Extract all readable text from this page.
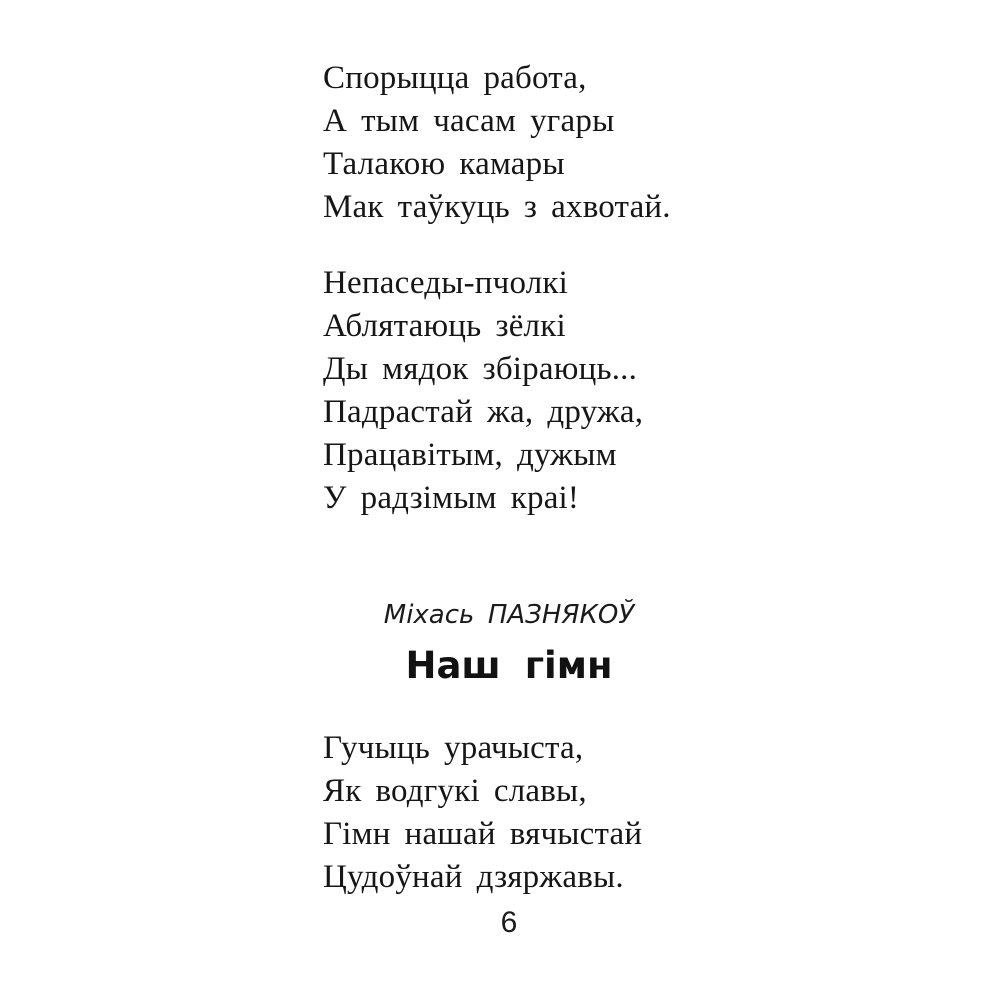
Спорыцца работа,
А тым часам угары
Талакою камары
Мак таўкуць з ахвотай.
Непаседы-пчолкі
Аблятаюць зёлкі
Ды мядок збіраюць...
Падрастай жа, дружа,
Працавітым, дужым
У радзімым краі!
Міхась ПАЗНЯКОЎ
Наш гімн
Гучыць урачыста,
Як водгукі славы,
Гімн нашай вячыстай
Цудоўнай дзяржавы.
6
